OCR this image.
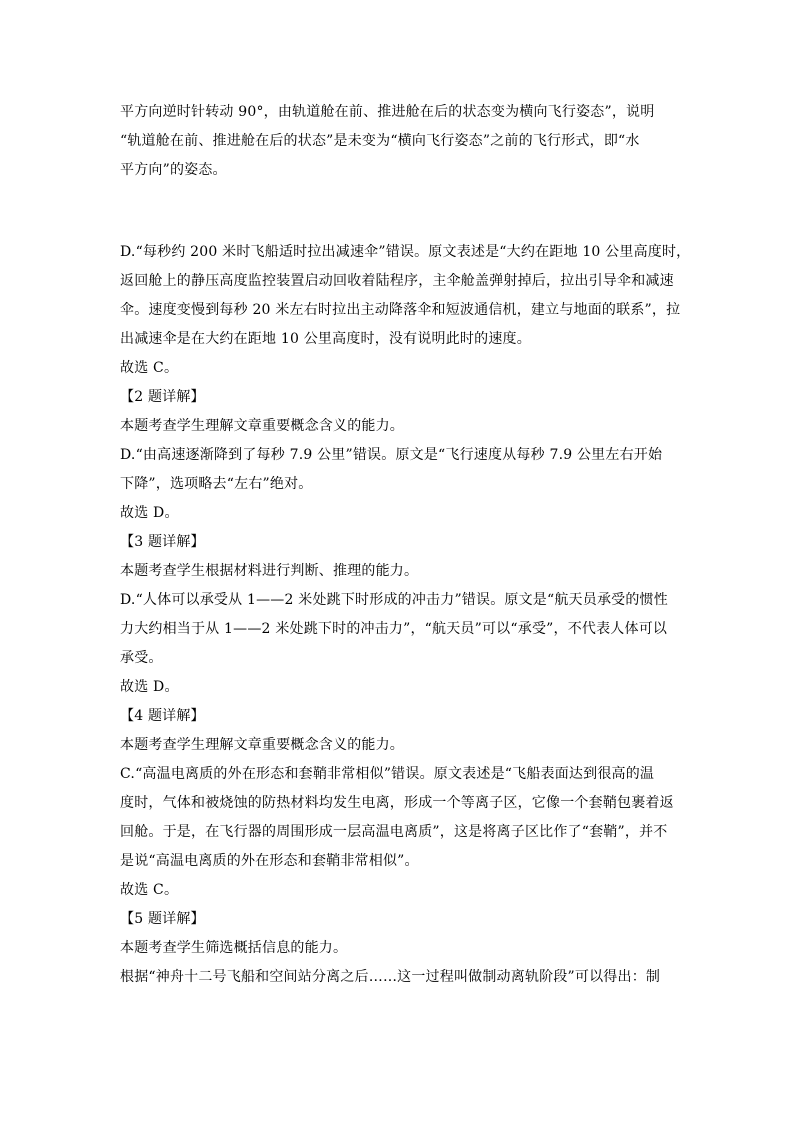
平方向逆时针转动 90°，由轨道舱在前、推进舱在后的状态变为横向飞行姿态”，说明
“轨道舱在前、推进舱在后的状态”是未变为“横向飞行姿态”之前的飞行形式，即“水
平方向”的姿态。
D.“每秒约 200 米时飞船适时拉出减速伞”错误。原文表述是“大约在距地 10 公里高度时，
返回舱上的静压高度监控装置启动回收着陆程序，主伞舱盖弹射掉后，拉出引导伞和减速
伞。速度变慢到每秒 20 米左右时拉出主动降落伞和短波通信机，建立与地面的联系”，拉
出减速伞是在大约在距地 10 公里高度时，没有说明此时的速度。
故选 C。
【2 题详解】
本题考查学生理解文章重要概念含义的能力。
D.“由高速逐渐降到了每秒 7.9 公里”错误。原文是“飞行速度从每秒 7.9 公里左右开始
下降”，选项略去“左右”绝对。
故选 D。
【3 题详解】
本题考查学生根据材料进行判断、推理的能力。
D.“人体可以承受从 1——2 米处跳下时形成的冲击力”错误。原文是“航天员承受的惯性
力大约相当于从 1——2 米处跳下时的冲击力”，“航天员”可以“承受”，不代表人体可以
承受。
故选 D。
【4 题详解】
本题考查学生理解文章重要概念含义的能力。
C.“高温电离质的外在形态和套鞘非常相似”错误。原文表述是“飞船表面达到很高的温
度时，气体和被烧蚀的防热材料均发生电离，形成一个等离子区，它像一个套鞘包裹着返
回舱。于是，在飞行器的周围形成一层高温电离质”，这是将离子区比作了“套鞘”，并不
是说“高温电离质的外在形态和套鞘非常相似”。
故选 C。
【5 题详解】
本题考查学生筛选概括信息的能力。
根据“神舟十二号飞船和空间站分离之后……这一过程叫做制动离轨阶段”可以得出：制
